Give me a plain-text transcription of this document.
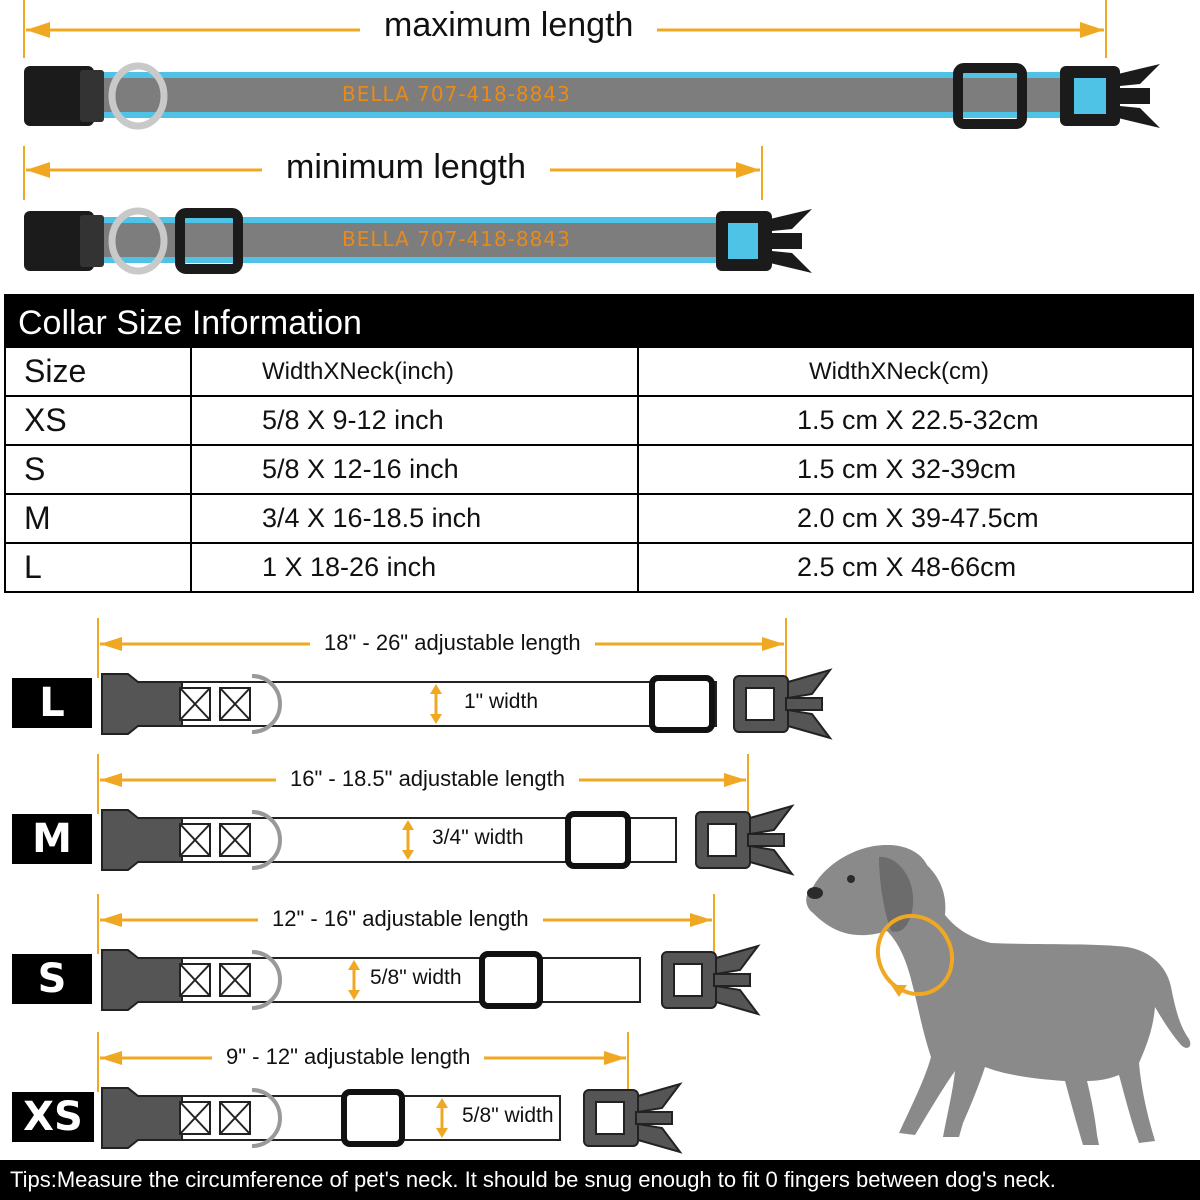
maximum length
BELLA 707-418-8843
minimum length
BELLA 707-418-8843
Collar Size Information
Size	WidthXNeck(inch)	WidthXNeck(cm)
XS	5/8 X 9-12 inch	1.5 cm X 22.5-32cm
S	5/8 X 12-16 inch	1.5 cm X 32-39cm
M	3/4 X 16-18.5 inch	2.0 cm X 39-47.5cm
L	1 X 18-26 inch	2.5 cm X 48-66cm
L
18" - 26" adjustable length
1" width
M
16" - 18.5" adjustable length
3/4" width
S
12" - 16" adjustable length
5/8" width
XS
9" - 12" adjustable length
5/8" width
Tips:Measure the circumference of pet's neck. It should be snug enough to fit 0 fingers between dog's neck.
